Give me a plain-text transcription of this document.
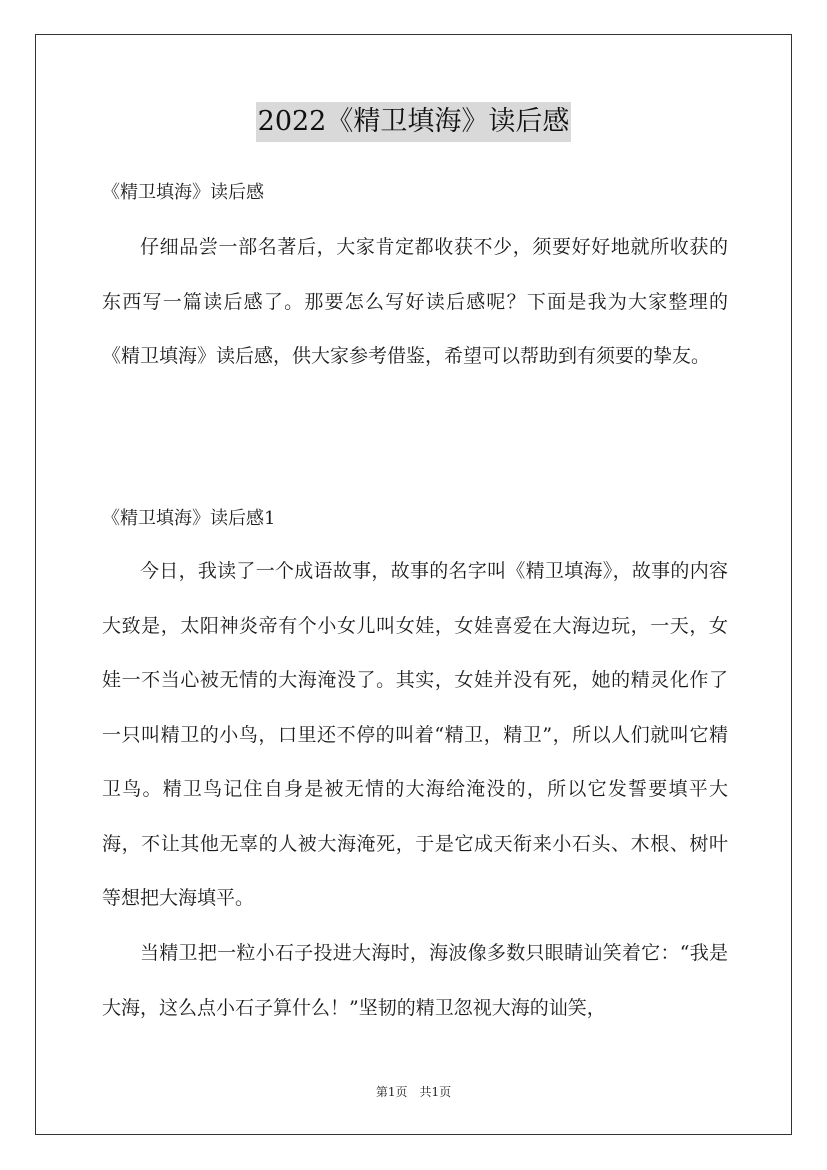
2022《精卫填海》读后感
《精卫填海》读后感

仔细品尝一部名著后，大家肯定都收获不少，须要好好地就所收获的东西写一篇读后感了。那要怎么写好读后感呢？下面是我为大家整理的《精卫填海》读后感，供大家参考借鉴，希望可以帮助到有须要的挚友。

《精卫填海》读后感1

今日，我读了一个成语故事，故事的名字叫《精卫填海》，故事的内容大致是，太阳神炎帝有个小女儿叫女娃，女娃喜爱在大海边玩，一天，女娃一不当心被无情的大海淹没了。其实，女娃并没有死，她的精灵化作了一只叫精卫的小鸟，口里还不停的叫着“精卫，精卫”，所以人们就叫它精卫鸟。精卫鸟记住自身是被无情的大海给淹没的，所以它发誓要填平大海，不让其他无辜的人被大海淹死，于是它成天衔来小石头、木根、树叶等想把大海填平。

当精卫把一粒小石子投进大海时，海波像多数只眼睛讪笑着它：“我是大海，这么点小石子算什么！”坚韧的精卫忽视大海的讪笑，

第1页　共1页
